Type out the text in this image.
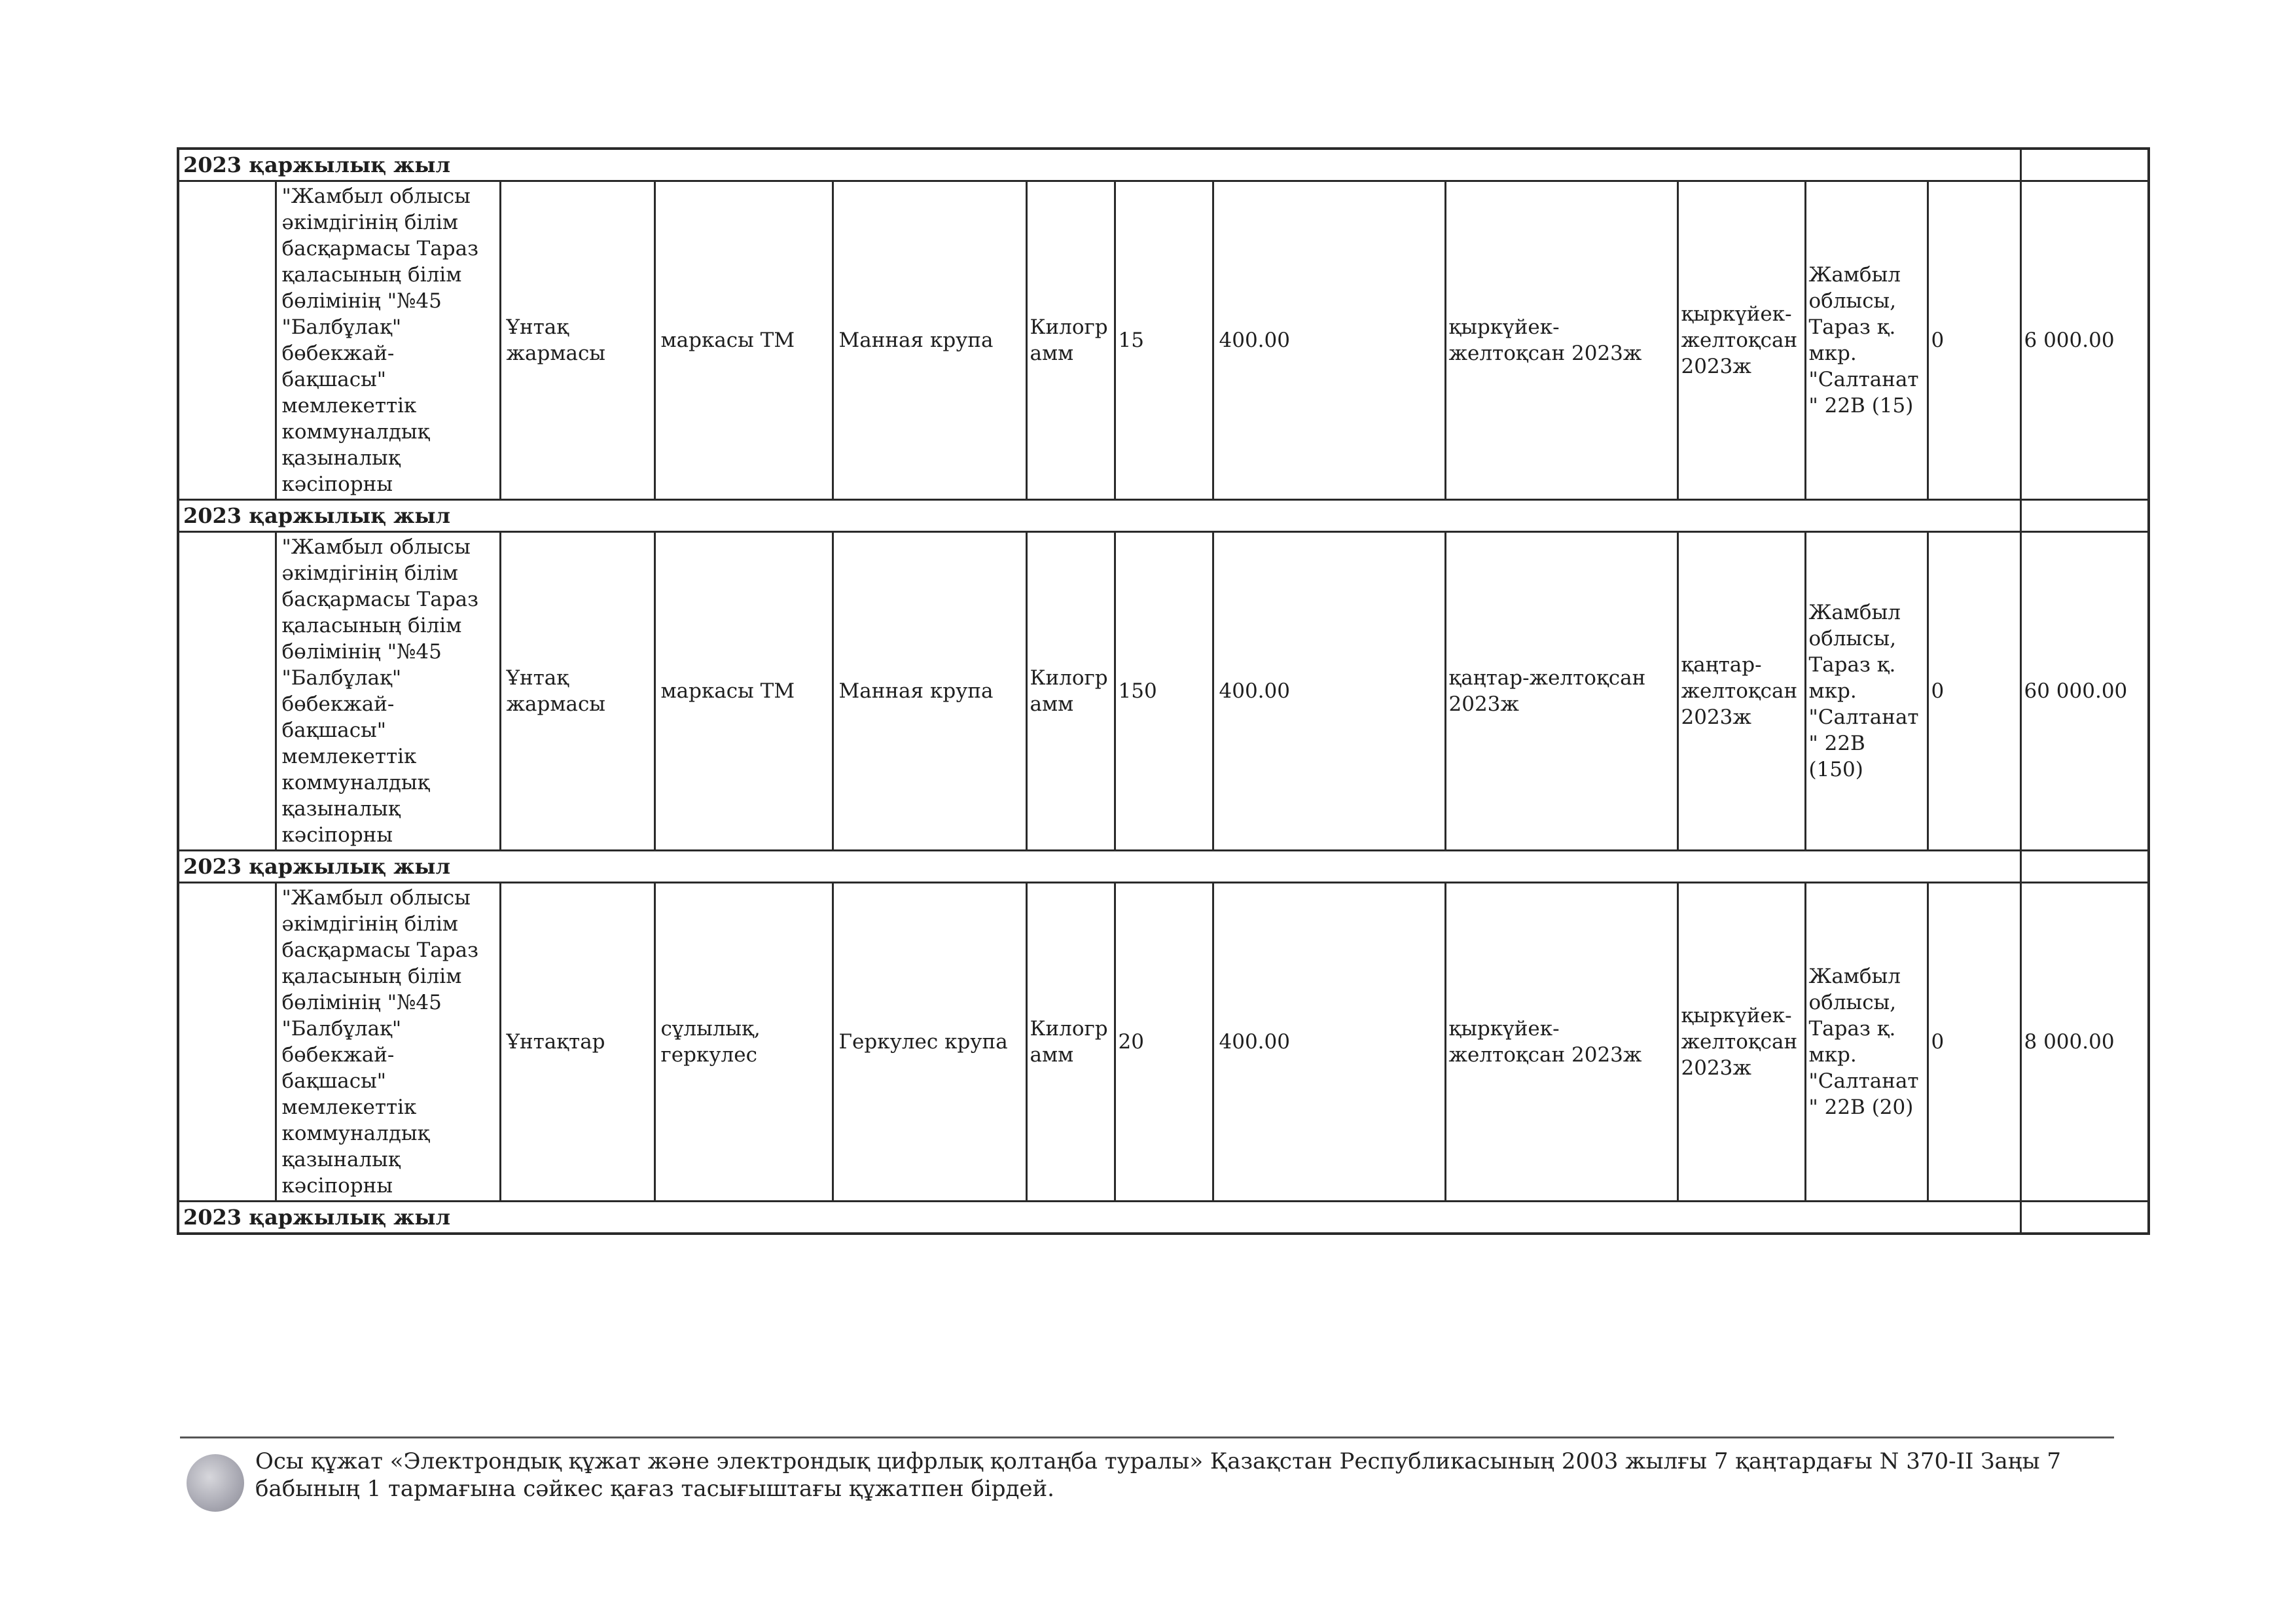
2023 қаржылық жыл												
	"Жамбыл облысы әкімдігінің білім басқармасы Тараз қаласының білім бөлімінің "№45 "Балбұлақ" бөбекжай-бақшасы" мемлекеттік коммуналдық қазыналық кәсіпорны	Ұнтақ жармасы	маркасы ТМ	Манная крупа	Килограмм	15	400.00	қыркүйек-желтоқсан 2023ж	қыркүйек-желтоқсан 2023ж	Жамбыл облысы, Тараз қ. мкр. "Салтанат" 22В (15)	0	6 000.00
2023 қаржылық жыл												
	"Жамбыл облысы әкімдігінің білім басқармасы Тараз қаласының білім бөлімінің "№45 "Балбұлақ" бөбекжай-бақшасы" мемлекеттік коммуналдық қазыналық кәсіпорны	Ұнтақ жармасы	маркасы ТМ	Манная крупа	Килограмм	150	400.00	қаңтар-желтоқсан 2023ж	қаңтар-желтоқсан 2023ж	Жамбыл облысы, Тараз қ. мкр. "Салтанат" 22В (150)	0	60 000.00
2023 қаржылық жыл												
	"Жамбыл облысы әкімдігінің білім басқармасы Тараз қаласының білім бөлімінің "№45 "Балбұлақ" бөбекжай-бақшасы" мемлекеттік коммуналдық қазыналық кәсіпорны	Ұнтақтар	сұлылық, геркулес	Геркулес крупа	Килограмм	20	400.00	қыркүйек-желтоқсан 2023ж	қыркүйек-желтоқсан 2023ж	Жамбыл облысы, Тараз қ. мкр. "Салтанат" 22В (20)	0	8 000.00
2023 қаржылық жыл												
Осы құжат «Электрондық құжат және электрондық цифрлық қолтаңба туралы» Қазақстан Республикасының 2003 жылғы 7 қаңтардағы N 370-II Заңы 7 бабының 1 тармағына сәйкес қағаз тасығыштағы құжатпен бірдей.
